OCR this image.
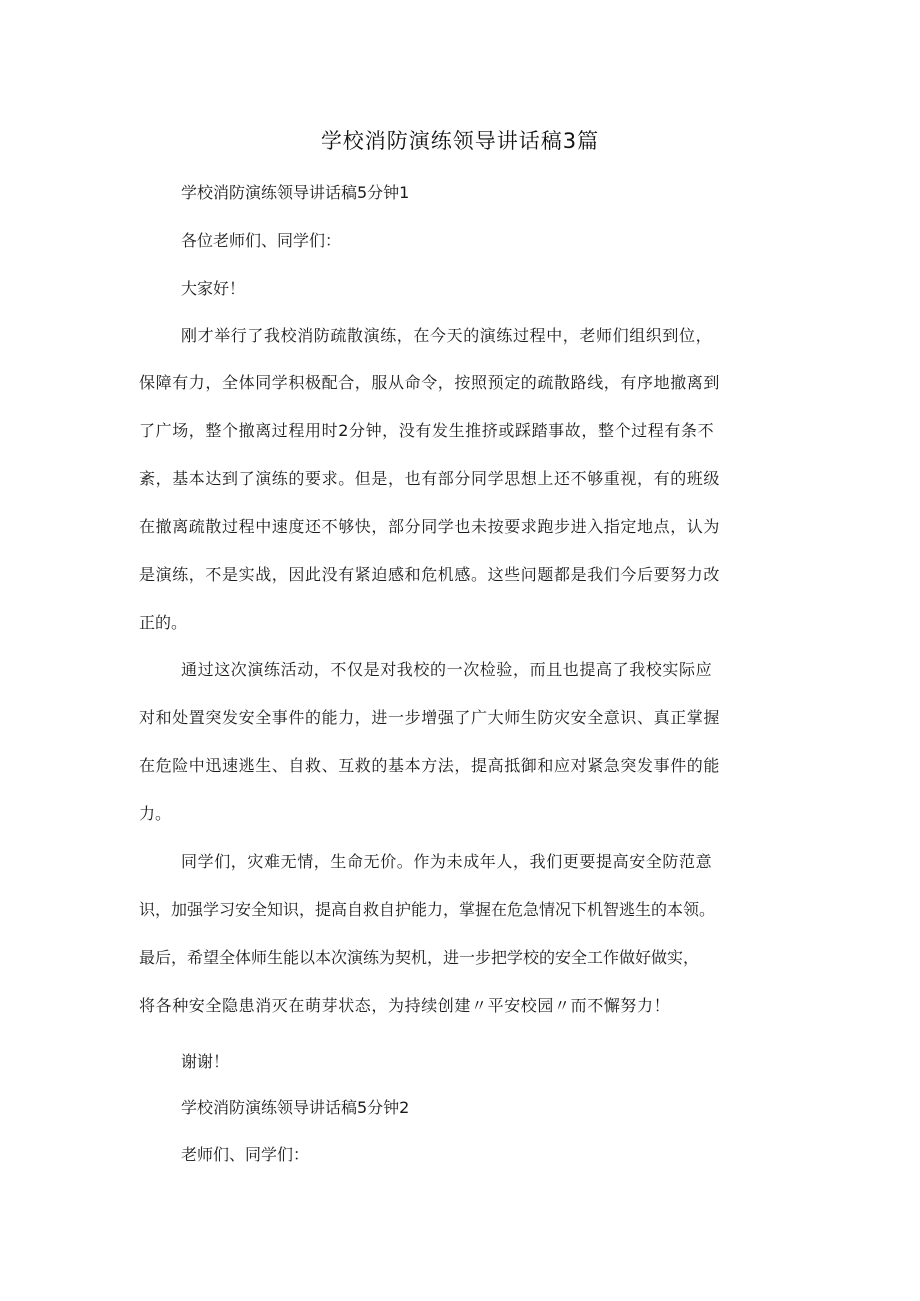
学校消防演练领导讲话稿3篇

学校消防演练领导讲话稿5分钟1

各位老师们、同学们：

大家好！

刚才举行了我校消防疏散演练，在今天的演练过程中，老师们组织到位，

保障有力，全体同学积极配合，服从命令，按照预定的疏散路线，有序地撤离到

了广场，整个撤离过程用时2分钟，没有发生推挤或踩踏事故，整个过程有条不

紊，基本达到了演练的要求。但是，也有部分同学思想上还不够重视，有的班级

在撤离疏散过程中速度还不够快，部分同学也未按要求跑步进入指定地点，认为

是演练，不是实战，因此没有紧迫感和危机感。这些问题都是我们今后要努力改

正的。

通过这次演练活动，不仅是对我校的一次检验，而且也提高了我校实际应

对和处置突发安全事件的能力，进一步增强了广大师生防灾安全意识、真正掌握

在危险中迅速逃生、自救、互救的基本方法，提高抵御和应对紧急突发事件的能

力。

同学们，灾难无情，生命无价。作为未成年人，我们更要提高安全防范意

识，加强学习安全知识，提高自救自护能力，掌握在危急情况下机智逃生的本领。

最后，希望全体师生能以本次演练为契机，进一步把学校的安全工作做好做实，

将各种安全隐患消灭在萌芽状态，为持续创建〃平安校园〃而不懈努力！

谢谢！

学校消防演练领导讲话稿5分钟2

老师们、同学们：
